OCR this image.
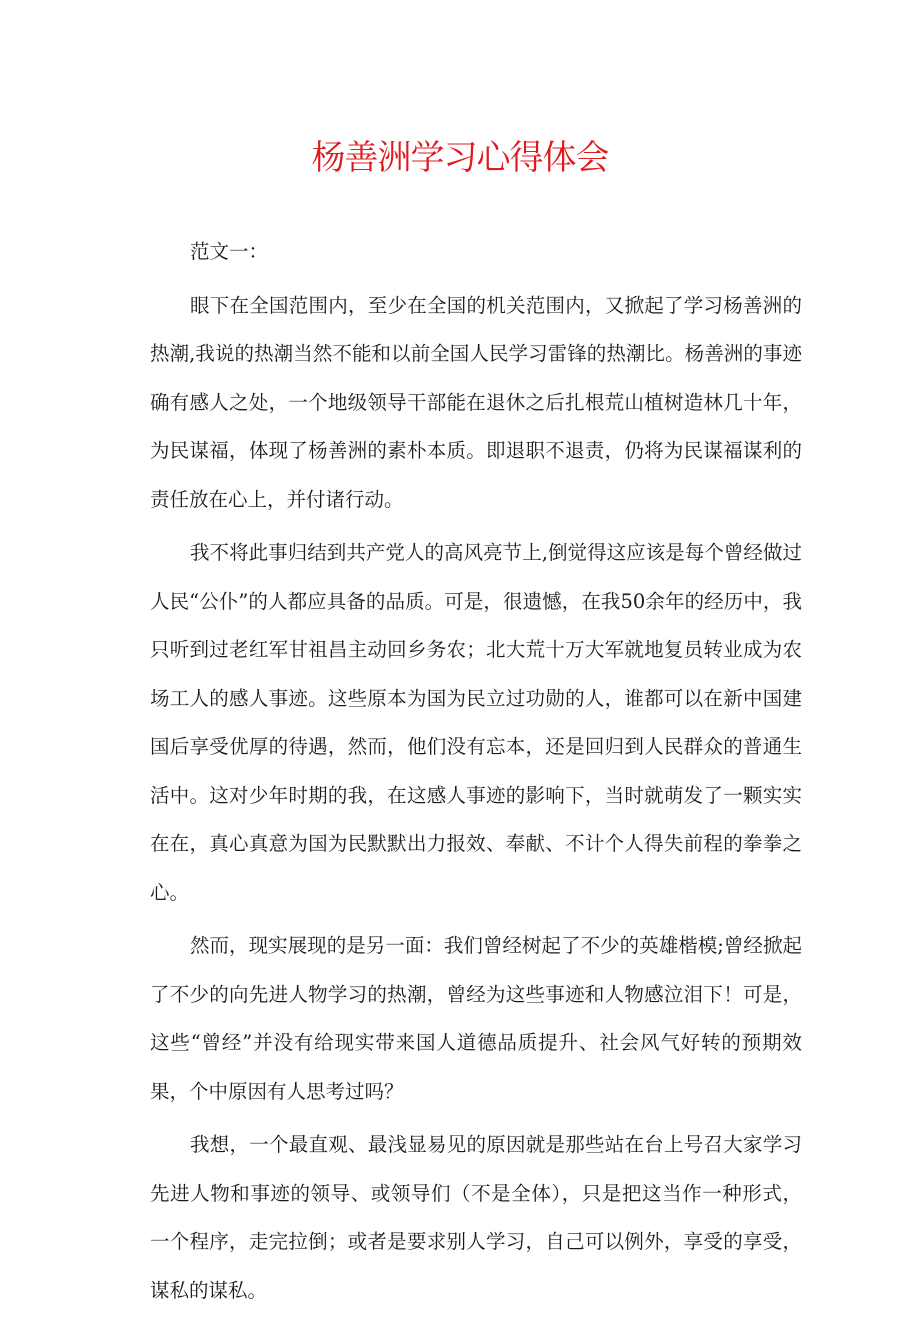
杨善洲学习心得体会

范文一：

眼下在全国范围内，至少在全国的机关范围内，又掀起了学习杨善洲的热潮,我说的热潮当然不能和以前全国人民学习雷锋的热潮比。杨善洲的事迹确有感人之处，一个地级领导干部能在退休之后扎根荒山植树造林几十年，为民谋福，体现了杨善洲的素朴本质。即退职不退责，仍将为民谋福谋利的责任放在心上，并付诸行动。

我不将此事归结到共产党人的高风亮节上,倒觉得这应该是每个曾经做过人民“公仆”的人都应具备的品质。可是，很遗憾，在我50余年的经历中，我只听到过老红军甘祖昌主动回乡务农；北大荒十万大军就地复员转业成为农场工人的感人事迹。这些原本为国为民立过功勋的人，谁都可以在新中国建国后享受优厚的待遇，然而，他们没有忘本，还是回归到人民群众的普通生活中。这对少年时期的我，在这感人事迹的影响下，当时就萌发了一颗实实在在，真心真意为国为民默默出力报效、奉献、不计个人得失前程的拳拳之心。

然而，现实展现的是另一面：我们曾经树起了不少的英雄楷模;曾经掀起了不少的向先进人物学习的热潮，曾经为这些事迹和人物感泣泪下！可是，这些“曾经”并没有给现实带来国人道德品质提升、社会风气好转的预期效果，个中原因有人思考过吗？

我想，一个最直观、最浅显易见的原因就是那些站在台上号召大家学习先进人物和事迹的领导、或领导们（不是全体），只是把这当作一种形式，一个程序，走完拉倒；或者是要求别人学习，自己可以例外，享受的享受，谋私的谋私。
